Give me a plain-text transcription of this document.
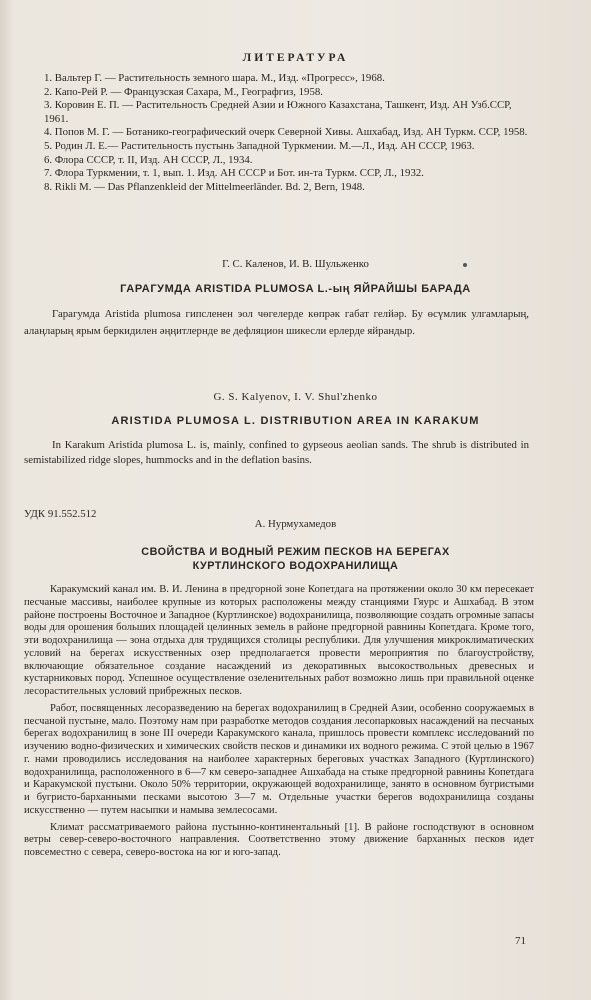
ЛИТЕРАТУРА
1. Вальтер Г. — Растительность земного шара. М., Изд. «Прогресс», 1968.
2. Капо-Рей Р. — Французская Сахара, М., Географгиз, 1958.
3. Коровин Е. П. — Растительность Средней Азии и Южного Казахстана, Ташкент, Изд. АН Узб.ССР, 1961.
4. Попов М. Г. — Ботанико-географический очерк Северной Хивы. Ашхабад, Изд. АН Туркм. ССР, 1958.
5. Родин Л. Е.— Растительность пустынь Западной Туркмении. М.—Л., Изд. АН СССР, 1963.
6. Флора СССР, т. II, Изд. АН СССР, Л., 1934.
7. Флора Туркмении, т. 1, вып. 1. Изд. АН СССР и Бот. ин-та Туркм. ССР, Л., 1932.
8. Rikli M. — Das Pflanzenkleid der Mittelmeerländer. Bd. 2, Bern, 1948.
Г. С. Каленов, И. В. Шульженко
ГАРАГУМДА ARISTIDA PLUMOSA L.-ың ЯЙРАЙШЫ БАРАДА

Гарагумда Aristida plumosa гипсленен эол чөгелерде көпрәк габат гелйәр. Бу өсүмлик улгамларың, алаңларың ярым беркидилен әңңитлернде ве дефляцион шикесли ерлерде яйрандыр.

G. S. Kalyenov, I. V. Shul'zhenko
ARISTIDA PLUMOSA L. DISTRIBUTION AREA IN KARAKUM

In Karakum Aristida plumosa L. is, mainly, confined to gypseous aeolian sands. The shrub is distributed in semistabilized ridge slopes, hummocks and in the deflation basins.

УДК 91.552.512
А. Нурмухамедов
СВОЙСТВА И ВОДНЫЙ РЕЖИМ ПЕСКОВ НА БЕРЕГАХ
КУРТЛИНСКОГО ВОДОХРАНИЛИЩА

Каракумский канал им. В. И. Ленина в предгорной зоне Копетдага на протяжении около 30 км пересекает песчаные массивы, наиболее крупные из которых расположены между станциями Гяурс и Ашхабад. В этом районе построены Восточное и Западное (Куртлинское) водохранилища, позволяющие создать огромные запасы воды для орошения больших площадей целинных земель в районе предгорной равнины Копетдага. Кроме того, эти водохранилища — зона отдыха для трудящихся столицы республики. Для улучшения микроклиматических условий на берегах искусственных озер предполагается провести мероприятия по благоустройству, включающие обязательное создание насаждений из декоративных высокоствольных древесных и кустарниковых пород. Успешное осуществление озеленительных работ возможно лишь при правильной оценке лесорастительных условий прибрежных песков.

Работ, посвященных лесоразведению на берегах водохранилищ в Средней Азии, особенно сооружаемых в песчаной пустыне, мало. Поэтому нам при разработке методов создания лесопарковых насаждений на песчаных берегах водохранилищ в зоне III очереди Каракумского канала, пришлось провести комплекс исследований по изучению водно-физических и химических свойств песков и динамики их водного режима. С этой целью в 1967 г. нами проводились исследования на наиболее характерных береговых участках Западного (Куртлинского) водохранилища, расположенного в 6—7 км северо-западнее Ашхабада на стыке предгорной равнины Копетдага и Каракумской пустыни. Около 50% территории, окружающей водохранилище, занято в основном бугристыми и бугристо-барханными песками высотою 3—7 м. Отдельные участки берегов водохранилища созданы искусственно — путем насыпки и намыва землесосами.

Климат рассматриваемого района пустынно-континентальный [1]. В районе господствуют в основном ветры север-северо-восточного направления. Соответственно этому движение барханных песков идет повсеместно с севера, северо-востока на юг и юго-запад.

71
